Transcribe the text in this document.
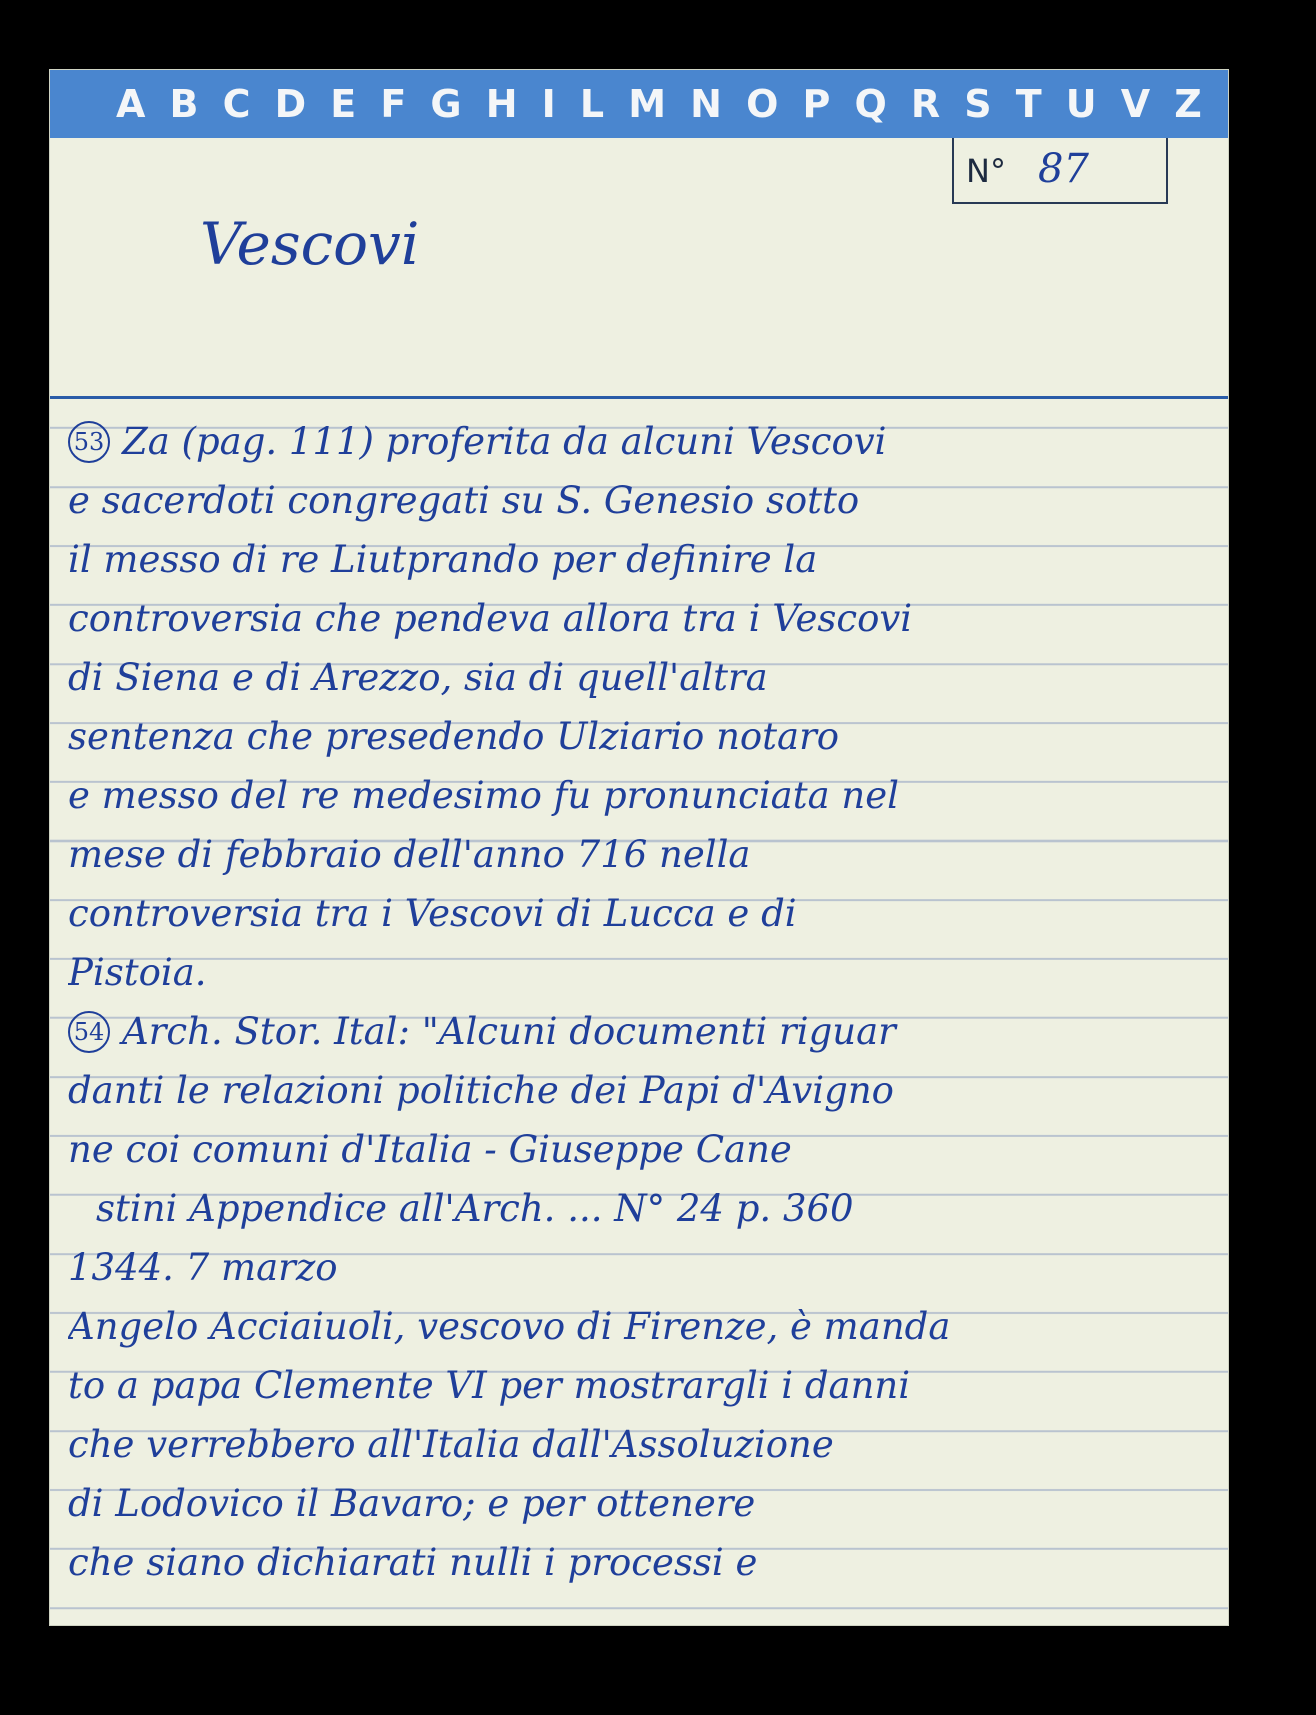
A B C D E F G H I L M N O P Q R S T U V Z
N° 87
Vescovi
53 Za (pag. 111) proferita da alcuni Vescovi
e sacerdoti congregati su S. Genesio sotto
il messo di re Liutprando per definire la
controversia che pendeva allora tra i Vescovi
di Siena e di Arezzo, sia di quell'altra
sentenza che presedendo Ulziario notaro
e messo del re medesimo fu pronunciata nel
mese di febbraio dell'anno 716 nella
controversia tra i Vescovi di Lucca e di
Pistoia.
54 Arch. Stor. Ital: "Alcuni documenti riguar
danti le relazioni politiche dei Papi d'Avigno
ne coi comuni d'Italia - Giuseppe Cane
stini Appendice all'Arch. ... N° 24 p. 360
1344. 7 marzo
Angelo Acciaiuoli, vescovo di Firenze, è manda
to a papa Clemente VI per mostrargli i danni
che verrebbero all'Italia dall'Assoluzione
di Lodovico il Bavaro; e per ottenere
che siano dichiarati nulli i processi e
